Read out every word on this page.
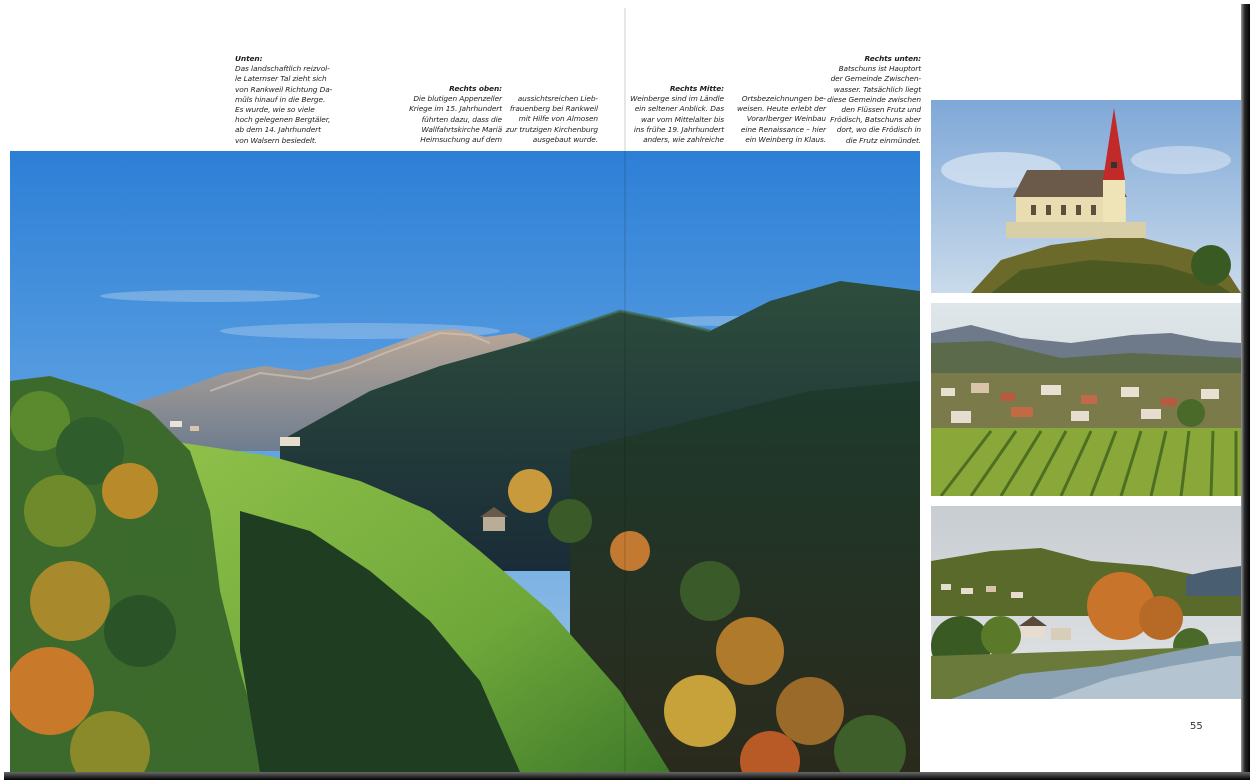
Unten:
Das landschaftlich reizvol-
le Laternser Tal zieht sich
von Rankweil Richtung Da-
müls hinauf in die Berge.
Es wurde, wie so viele
hoch gelegenen Bergtäler,
ab dem 14. Jahrhundert
von Walsern besiedelt.
Rechts oben:
Die blutigen Appenzeller
Kriege im 15. Jahrhundert
führten dazu, dass die
Wallfahrtskirche Mariä
Heimsuchung auf dem
aussichtsreichen Lieb-
frauenberg bei Rankweil
mit Hilfe von Almosen
zur trutzigen Kirchenburg
ausgebaut wurde.
Rechts Mitte:
Weinberge sind im Ländle
ein seltener Anblick. Das
war vom Mittelalter bis
ins frühe 19. Jahrhundert
anders, wie zahlreiche
Ortsbezeichnungen be-
weisen. Heute erlebt der
Vorarlberger Weinbau
eine Renaissance – hier
ein Weinberg in Klaus.
Rechts unten:
Batschuns ist Hauptort
der Gemeinde Zwischen-
wasser. Tatsächlich liegt
diese Gemeinde zwischen
den Flüssen Frutz und
Frödisch, Batschuns aber
dort, wo die Frödisch in
die Frutz einmündet.
55
